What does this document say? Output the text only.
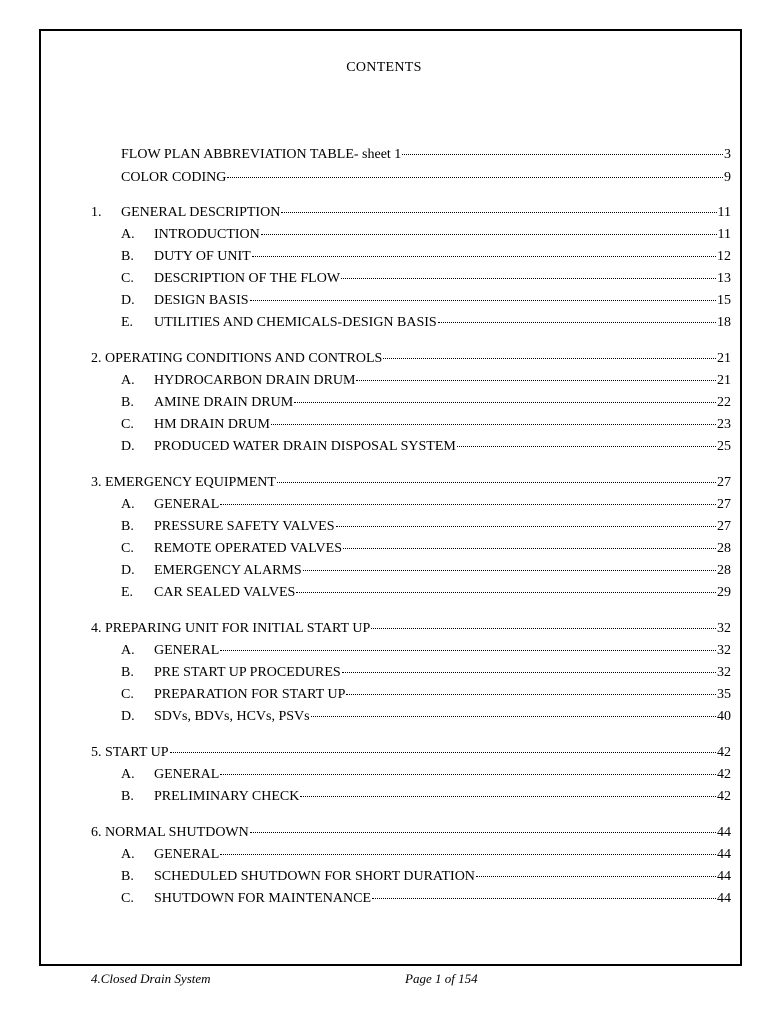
CONTENTS
FLOW PLAN ABBREVIATION TABLE- sheet 1	3
COLOR CODING	9
1.	GENERAL DESCRIPTION	11
A.	INTRODUCTION	11
B.	DUTY OF UNIT	12
C.	DESCRIPTION OF THE FLOW	13
D.	DESIGN BASIS	15
E.	UTILITIES AND CHEMICALS-DESIGN BASIS	18
2. OPERATING CONDITIONS AND CONTROLS	21
A.	HYDROCARBON DRAIN DRUM	21
B.	AMINE DRAIN DRUM	22
C.	HM DRAIN DRUM	23
D.	PRODUCED WATER DRAIN DISPOSAL SYSTEM	25
3. EMERGENCY EQUIPMENT	27
A.	GENERAL	27
B.	PRESSURE SAFETY VALVES	27
C.	REMOTE OPERATED VALVES	28
D.	EMERGENCY ALARMS	28
E.	CAR SEALED VALVES	29
4. PREPARING UNIT FOR INITIAL START UP	32
A.	GENERAL	32
B.	PRE START UP PROCEDURES	32
C.	PREPARATION FOR START UP	35
D.	SDVs, BDVs, HCVs, PSVs	40
5. START UP	42
A.	GENERAL	42
B.	PRELIMINARY CHECK	42
6. NORMAL SHUTDOWN	44
A.	GENERAL	44
B.	SCHEDULED SHUTDOWN FOR SHORT DURATION	44
C.	SHUTDOWN FOR MAINTENANCE	44
4.Closed Drain System	Page 1 of 154
